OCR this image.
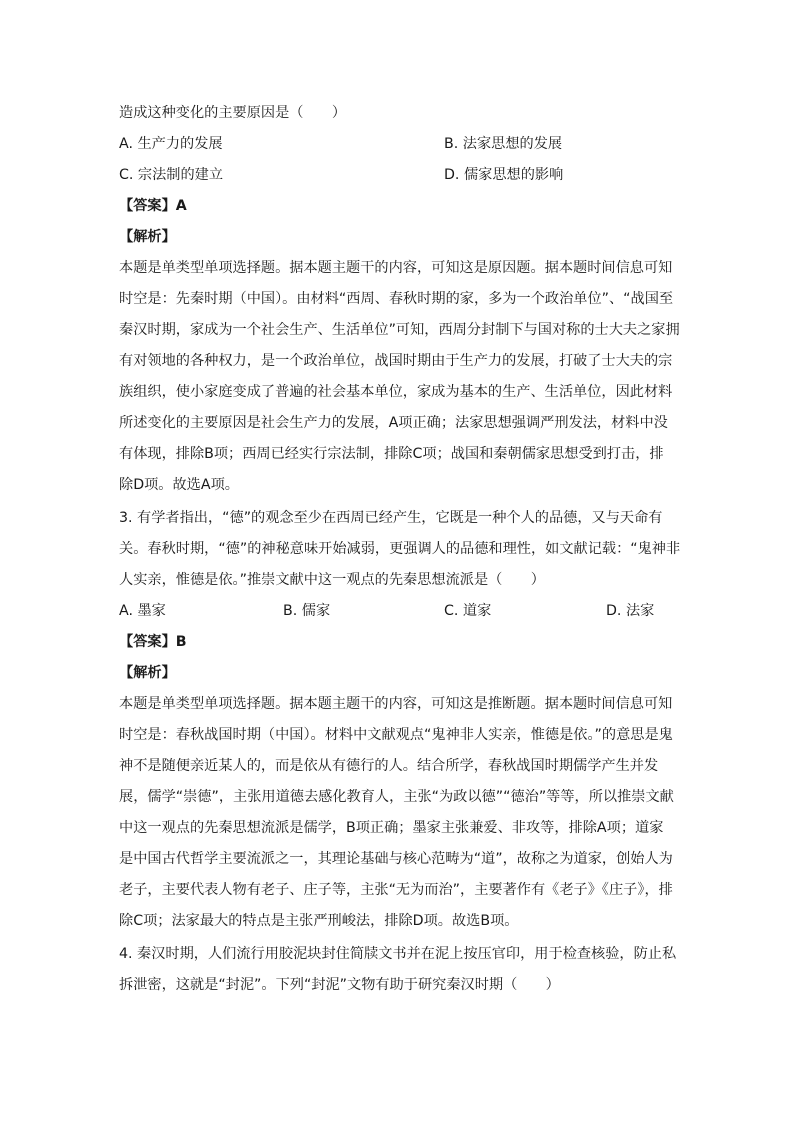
造成这种变化的主要原因是（　　）
A. 生产力的发展	B. 法家思想的发展
C. 宗法制的建立	D. 儒家思想的影响
【答案】A
【解析】
本题是单类型单项选择题。据本题主题干的内容，可知这是原因题。据本题时间信息可知
时空是：先秦时期（中国）。由材料“西周、春秋时期的家，多为一个政治单位”、“战国至
秦汉时期，家成为一个社会生产、生活单位”可知，西周分封制下与国对称的士大夫之家拥
有对领地的各种权力，是一个政治单位，战国时期由于生产力的发展，打破了士大夫的宗
族组织，使小家庭变成了普遍的社会基本单位，家成为基本的生产、生活单位，因此材料
所述变化的主要原因是社会生产力的发展，A项正确；法家思想强调严刑发法，材料中没
有体现，排除B项；西周已经实行宗法制，排除C项；战国和秦朝儒家思想受到打击，排
除D项。故选A项。
3. 有学者指出，“德”的观念至少在西周已经产生，它既是一种个人的品德，又与天命有
关。春秋时期，“德”的神秘意味开始减弱，更强调人的品德和理性，如文献记载：“鬼神非
人实亲，惟德是依。”推崇文献中这一观点的先秦思想流派是（　　）
A. 墨家	B. 儒家	C. 道家	D. 法家
【答案】B
【解析】
本题是单类型单项选择题。据本题主题干的内容，可知这是推断题。据本题时间信息可知
时空是：春秋战国时期（中国）。材料中文献观点“鬼神非人实亲，惟德是依。”的意思是鬼
神不是随便亲近某人的，而是依从有德行的人。结合所学，春秋战国时期儒学产生并发
展，儒学“崇德”，主张用道德去感化教育人，主张“为政以德”“德治”等等，所以推崇文献
中这一观点的先秦思想流派是儒学，B项正确；墨家主张兼爱、非攻等，排除A项；道家
是中国古代哲学主要流派之一，其理论基础与核心范畴为“道”，故称之为道家，创始人为
老子，主要代表人物有老子、庄子等，主张“无为而治”，主要著作有《老子》《庄子》，排
除C项；法家最大的特点是主张严刑峻法，排除D项。故选B项。
4. 秦汉时期，人们流行用胶泥块封住简牍文书并在泥上按压官印，用于检查核验，防止私
拆泄密，这就是“封泥”。下列“封泥”文物有助于研究秦汉时期（　　）
